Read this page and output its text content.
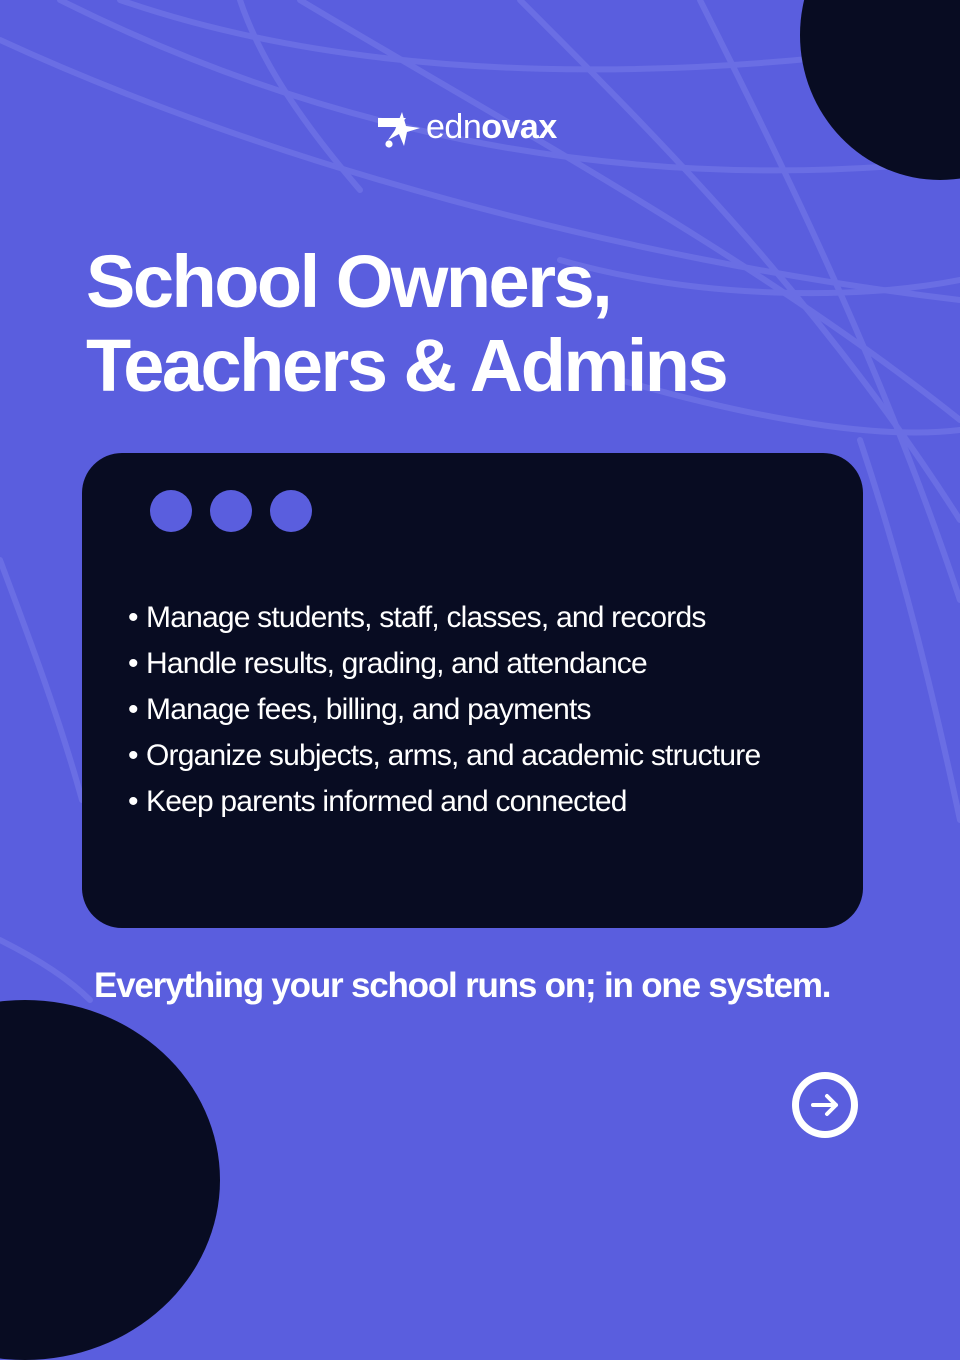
ednovax
School Owners,
Teachers & Admins
• Manage students, staff, classes, and records
• Handle results, grading, and attendance
• Manage fees, billing, and payments
• Organize subjects, arms, and academic structure
• Keep parents informed and connected

Everything your school runs on; in one system.
